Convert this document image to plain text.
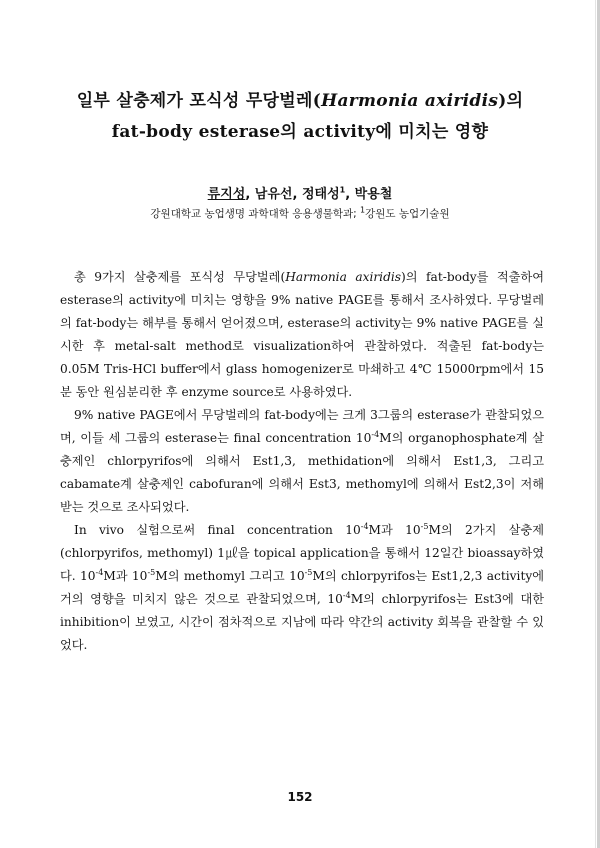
일부 살충제가 포식성 무당벌레(Harmonia axiridis)의
fat-body esterase의 activity에 미치는 영향
류지성, 남유선, 정태성$^1$, 박용철
강원대학교 농업생명 과학대학 응용생물학과; $^1$강원도 농업기술원

총 9가지 살충제를 포식성 무당벌레(Harmonia axiridis)의 fat-body를 적출하여 esterase의 activity에 미치는 영향을 9% native PAGE를 통해서 조사하였다. 무당벌레의 fat-body는 해부를 통해서 얻어졌으며, esterase의 activity는 9% native PAGE를 실시한 후 metal-salt method로 visualization하여 관찰하였다. 적출된 fat-body는 0.05M Tris-HCl buffer에서 glass homogenizer로 마쇄하고 4℃ 15000rpm에서 15분 동안 원심분리한 후 enzyme source로 사용하였다.

9% native PAGE에서 무당벌레의 fat-body에는 크게 3그룹의 esterase가 관찰되었으며, 이들 세 그룹의 esterase는 final concentration $10^{-4}M$의 organophosphate계 살충제인 chlorpyrifos에 의해서 Est1,3, methidation에 의해서 Est1,3, 그리고 cabamate계 살충제인 cabofuran에 의해서 Est3, methomyl에 의해서 Est2,3이 저해 받는 것으로 조사되었다.

In vivo 실험으로써 final concentration $10^{-4}M$과 $10^{-5}M$의 2가지 살충제(chlorpyrifos, methomyl) 1㎕을 topical application을 통해서 12일간 bioassay하였다. $10^{-4}M$과 $10^{-5}M$의 methomyl 그리고 $10^{-5}M$의 chlorpyrifos는 Est1,2,3 activity에 거의 영향을 미치지 않은 것으로 관찰되었으며, $10^{-4}M$의 chlorpyrifos는 Est3에 대한 inhibition이 보였고, 시간이 점차적으로 지남에 따라 약간의 activity 회복을 관찰할 수 있었다.

152
